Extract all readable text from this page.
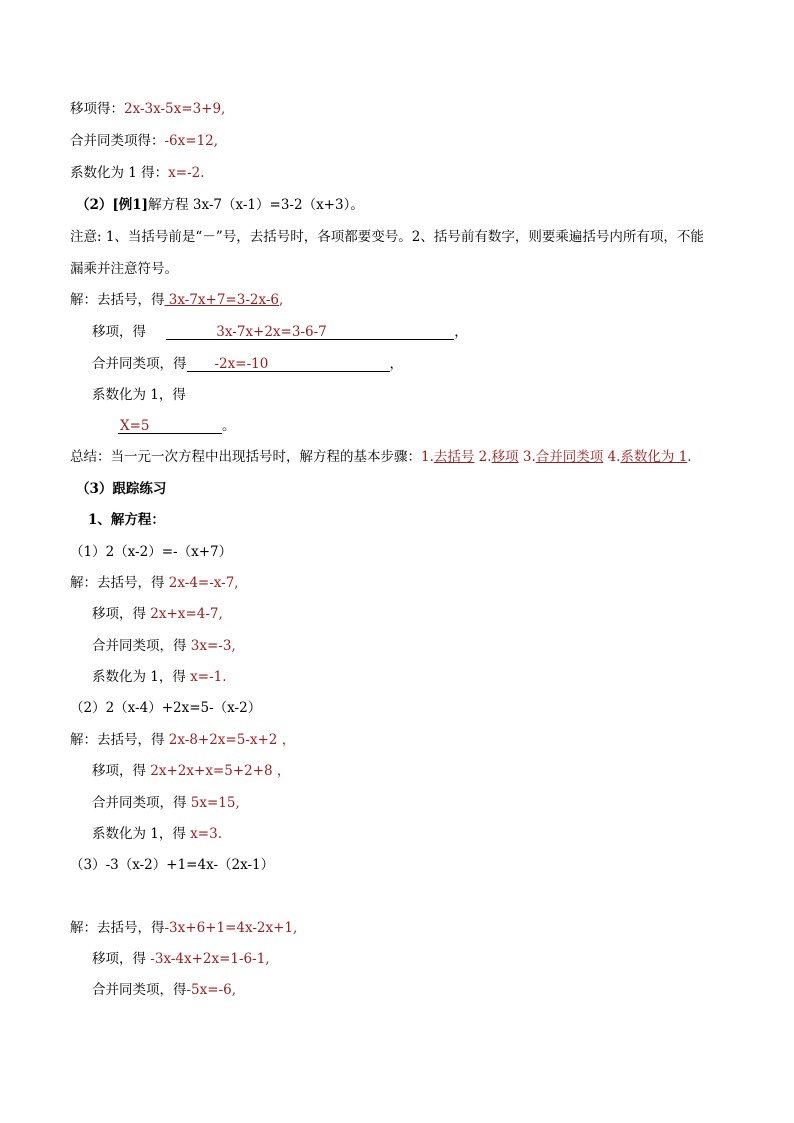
移项得：2x-3x-5x=3+9,
合并同类项得：-6x=12,
系数化为 1 得：x=-2.
（2）[例1]解方程 3x-7（x-1）=3-2（x+3）。
注意: 1、当括号前是“－”号，去括号时，各项都要变号。2、括号前有数字，则要乘遍括号内所有项，不能
漏乘并注意符号。
解：去括号，得 3x-7x+7=3-2x-6,
移项，得	3x-7x+2x=3-6-7	，
合并同类项，得 -2x=-10	，
系数化为 1，得
X=5	。
总结：当一元一次方程中出现括号时，解方程的基本步骤：1.去括号 2.移项 3.合并同类项 4.系数化为 1.
（3）跟踪练习
1、解方程：
（1）2（x-2）=-（x+7）
解：去括号，得 2x-4=-x-7,
移项，得 2x+x=4-7,
合并同类项，得 3x=-3,
系数化为 1，得 x=-1.
（2）2（x-4）+2x=5-（x-2）
解：去括号，得 2x-8+2x=5-x+2 ，
移项，得 2x+2x+x=5+2+8 ，
合并同类项，得 5x=15,
系数化为 1，得 x=3.
（3）-3（x-2）+1=4x-（2x-1）
解：去括号，得-3x+6+1=4x-2x+1,
移项，得 -3x-4x+2x=1-6-1,
合并同类项，得-5x=-6,
